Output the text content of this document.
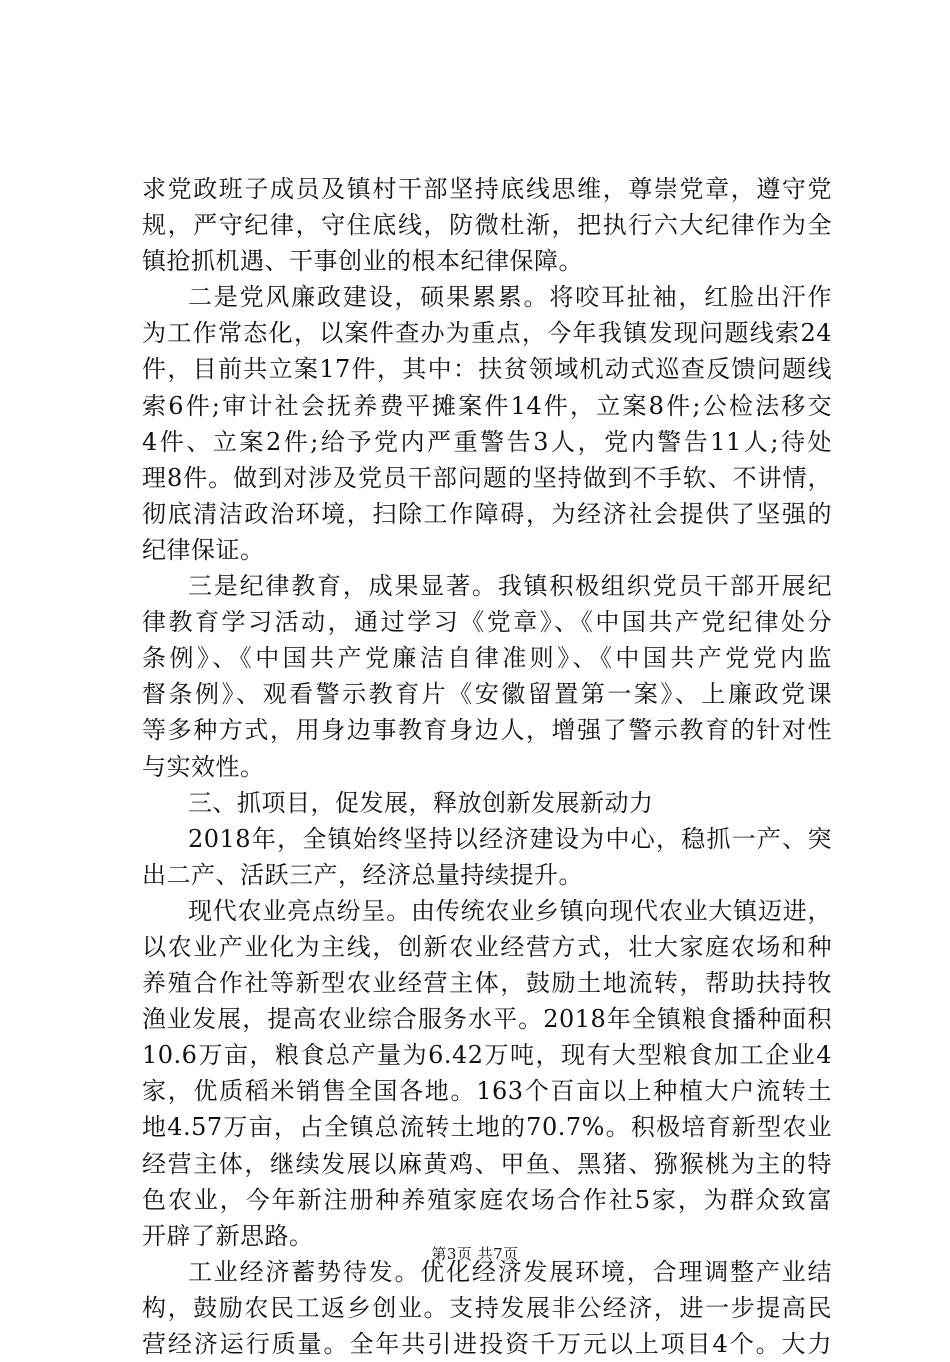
求党政班子成员及镇村干部坚持底线思维，尊崇党章，遵守党
规，严守纪律，守住底线，防微杜渐，把执行六大纪律作为全
镇抢抓机遇、干事创业的根本纪律保障。
二是党风廉政建设，硕果累累。将咬耳扯袖，红脸出汗作
为工作常态化，以案件查办为重点，今年我镇发现问题线索24
件，目前共立案17件，其中：扶贫领域机动式巡查反馈问题线
索6件;审计社会抚养费平摊案件14件，立案8件;公检法移交
4件、立案2件;给予党内严重警告3人，党内警告11人;待处
理8件。做到对涉及党员干部问题的坚持做到不手软、不讲情，
彻底清洁政治环境，扫除工作障碍，为经济社会提供了坚强的
纪律保证。
三是纪律教育，成果显著。我镇积极组织党员干部开展纪
律教育学习活动，通过学习《党章》、《中国共产党纪律处分
条例》、《中国共产党廉洁自律准则》、《中国共产党党内监
督条例》、观看警示教育片《安徽留置第一案》、上廉政党课
等多种方式，用身边事教育身边人，增强了警示教育的针对性
与实效性。
三、抓项目，促发展，释放创新发展新动力
2018年，全镇始终坚持以经济建设为中心，稳抓一产、突
出二产、活跃三产，经济总量持续提升。
现代农业亮点纷呈。由传统农业乡镇向现代农业大镇迈进，
以农业产业化为主线，创新农业经营方式，壮大家庭农场和种
养殖合作社等新型农业经营主体，鼓励土地流转，帮助扶持牧
渔业发展，提高农业综合服务水平。2018年全镇粮食播种面积
10.6万亩，粮食总产量为6.42万吨，现有大型粮食加工企业4
家，优质稻米销售全国各地。163个百亩以上种植大户流转土
地4.57万亩，占全镇总流转土地的70.7%。积极培育新型农业
经营主体，继续发展以麻黄鸡、甲鱼、黑猪、猕猴桃为主的特
色农业，今年新注册种养殖家庭农场合作社5家，为群众致富
开辟了新思路。
工业经济蓄势待发。优化经济发展环境，合理调整产业结
构，鼓励农民工返乡创业。支持发展非公经济，进一步提高民
营经济运行质量。全年共引进投资千万元以上项目4个。大力
第3页 共7页
